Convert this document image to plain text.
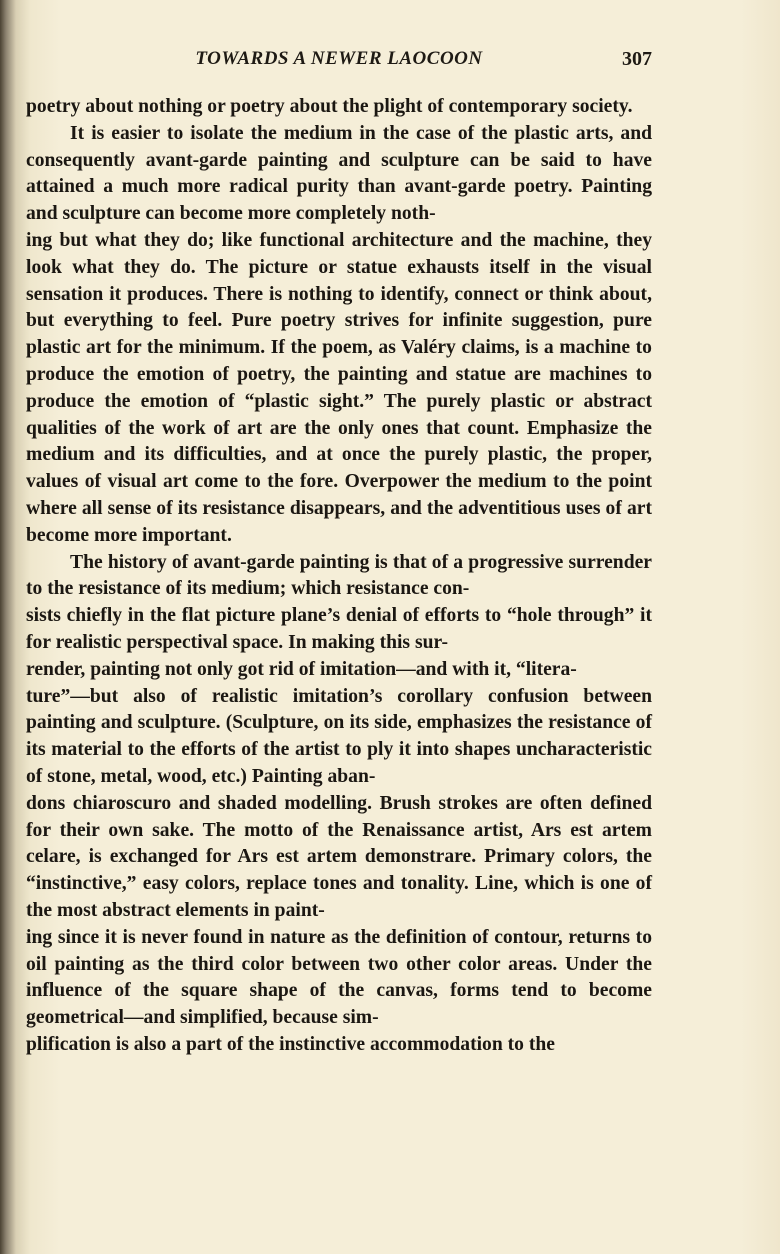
TOWARDS A NEWER LAOCOON	307

poetry about nothing or poetry about the plight of contemporary society.

It is easier to isolate the medium in the case of the plastic arts, and consequently avant-garde painting and sculpture can be said to have attained a much more radical purity than avant-garde poetry. Painting and sculpture can become more completely noth-
ing but what they do; like functional architecture and the machine, they look what they do. The picture or statue exhausts itself in the visual sensation it produces. There is nothing to identify, connect or think about, but everything to feel. Pure poetry strives for infinite suggestion, pure plastic art for the minimum. If the poem, as Valéry claims, is a machine to produce the emotion of poetry, the painting and statue are machines to produce the emotion of “plastic sight.” The purely plastic or abstract qualities of the work of art are the only ones that count. Emphasize the medium and its difficulties, and at once the purely plastic, the proper, values of visual art come to the fore. Overpower the medium to the point where all sense of its resistance disappears, and the adventitious uses of art become more important.

The history of avant-garde painting is that of a progressive surrender to the resistance of its medium; which resistance con-
sists chiefly in the flat picture plane’s denial of efforts to “hole through” it for realistic perspectival space. In making this sur-
render, painting not only got rid of imitation—and with it, “litera-
ture”—but also of realistic imitation’s corollary confusion between painting and sculpture. (Sculpture, on its side, emphasizes the resistance of its material to the efforts of the artist to ply it into shapes uncharacteristic of stone, metal, wood, etc.) Painting aban-
dons chiaroscuro and shaded modelling. Brush strokes are often defined for their own sake. The motto of the Renaissance artist, Ars est artem celare, is exchanged for Ars est artem demonstrare. Primary colors, the “instinctive,” easy colors, replace tones and tonality. Line, which is one of the most abstract elements in paint-
ing since it is never found in nature as the definition of contour, returns to oil painting as the third color between two other color areas. Under the influence of the square shape of the canvas, forms tend to become geometrical—and simplified, because sim-
plification is also a part of the instinctive accommodation to the
